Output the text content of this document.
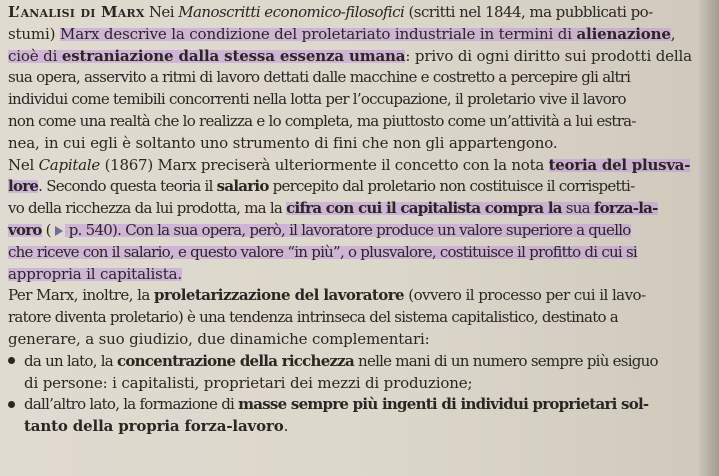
L’analisi di Marx Nei Manoscritti economico-filosofici (scritti nel 1844, ma pubblicati po-
stumi) Marx descrive la condizione del proletariato industriale in termini di alienazione,
cioè di estraniazione dalla stessa essenza umana: privo di ogni diritto sui prodotti della
sua opera, asservito a ritmi di lavoro dettati dalle macchine e costretto a percepire gli altri
individui come temibili concorrenti nella lotta per l’occupazione, il proletario vive il lavoro
non come una realtà che lo realizza e lo completa, ma piuttosto come un’attività a lui estra-
nea, in cui egli è soltanto uno strumento di fini che non gli appartengono.
Nel Capitale (1867) Marx preciserà ulteriormente il concetto con la nota teoria del plusva-
lore. Secondo questa teoria il salario percepito dal proletario non costituisce il corrispetti-
vo della ricchezza da lui prodotta, ma la cifra con cui il capitalista compra la sua forza-la-
voro ( p. 540). Con la sua opera, però, il lavoratore produce un valore superiore a quello
che riceve con il salario, e questo valore “in più”, o plusvalore, costituisce il profitto di cui si
appropria il capitalista.
Per Marx, inoltre, la proletarizzazione del lavoratore (ovvero il processo per cui il lavo-
ratore diventa proletario) è una tendenza intrinseca del sistema capitalistico, destinato a
generare, a suo giudizio, due dinamiche complementari:
da un lato, la concentrazione della ricchezza nelle mani di un numero sempre più esiguo
di persone: i capitalisti, proprietari dei mezzi di produzione;
dall’altro lato, la formazione di masse sempre più ingenti di individui proprietari sol-
tanto della propria forza-lavoro.
